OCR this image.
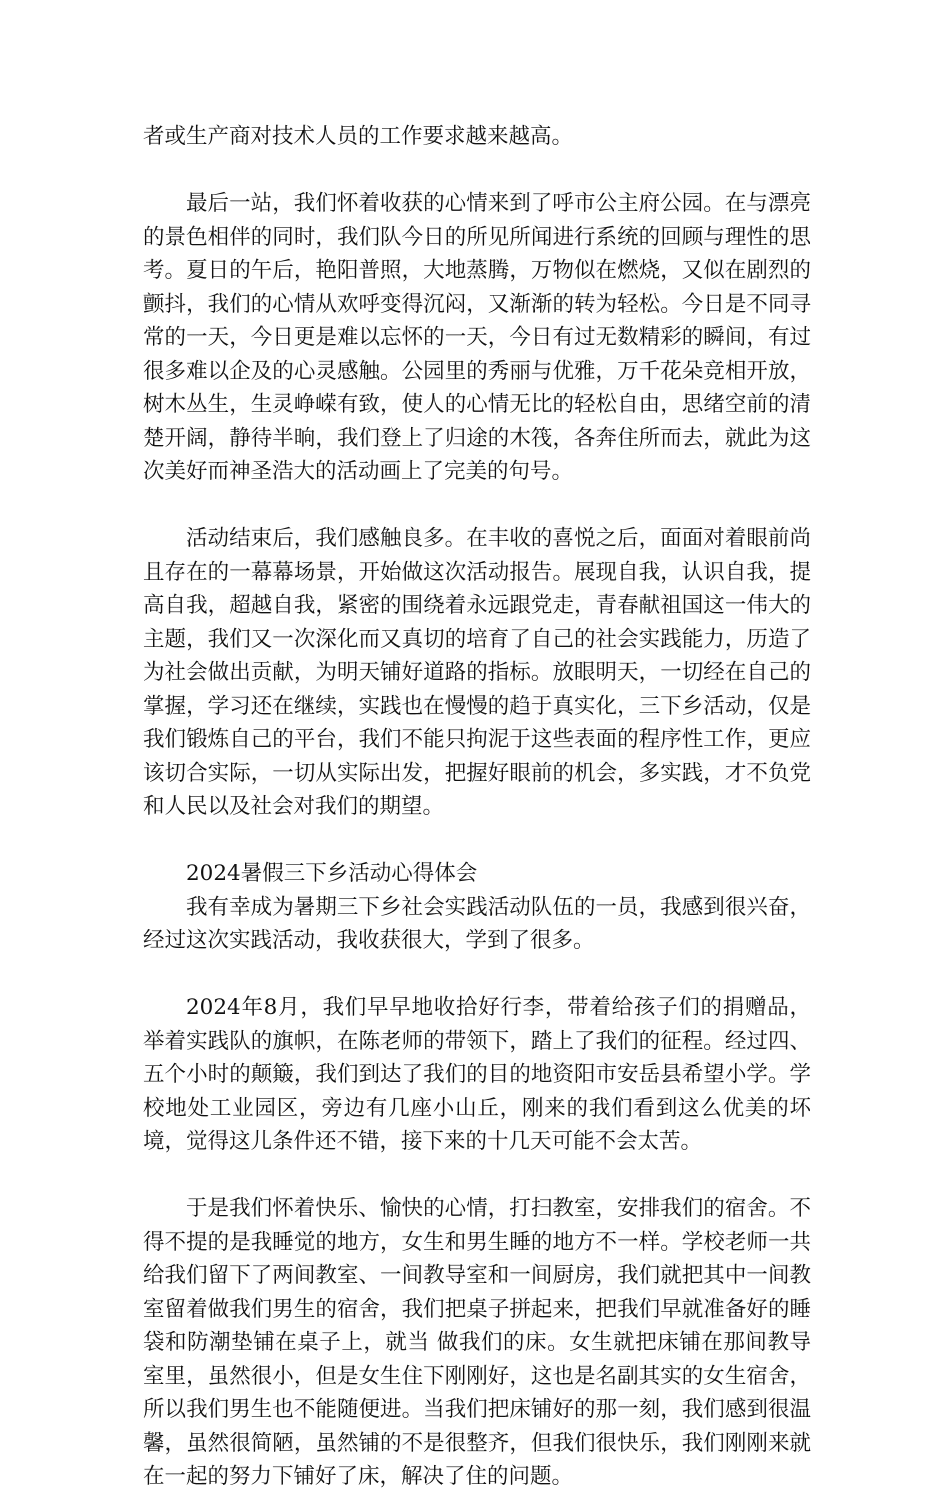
者或生产商对技术人员的工作要求越来越高。

最后一站，我们怀着收获的心情来到了呼市公主府公园。在与漂亮的景色相伴的同时，我们队今日的所见所闻进行系统的回顾与理性的思考。夏日的午后，艳阳普照，大地蒸腾，万物似在燃烧，又似在剧烈的颤抖，我们的心情从欢呼变得沉闷，又渐渐的转为轻松。今日是不同寻常的一天，今日更是难以忘怀的一天，今日有过无数精彩的瞬间，有过很多难以企及的心灵感触。公园里的秀丽与优雅，万千花朵竞相开放，树木丛生，生灵峥嵘有致，使人的心情无比的轻松自由，思绪空前的清楚开阔，静待半晌，我们登上了归途的木筏，各奔住所而去，就此为这次美好而神圣浩大的活动画上了完美的句号。

活动结束后，我们感触良多。在丰收的喜悦之后，面面对着眼前尚且存在的一幕幕场景，开始做这次活动报告。展现自我，认识自我，提高自我，超越自我，紧密的围绕着永远跟党走，青春献祖国这一伟大的主题，我们又一次深化而又真切的培育了自己的社会实践能力，历造了为社会做出贡献，为明天铺好道路的指标。放眼明天，一切经在自己的掌握，学习还在继续，实践也在慢慢的趋于真实化，三下乡活动，仅是我们锻炼自己的平台，我们不能只拘泥于这些表面的程序性工作，更应该切合实际，一切从实际出发，把握好眼前的机会，多实践，才不负党和人民以及社会对我们的期望。

2024暑假三下乡活动心得体会

我有幸成为暑期三下乡社会实践活动队伍的一员，我感到很兴奋，经过这次实践活动，我收获很大，学到了很多。

2024年8月，我们早早地收拾好行李，带着给孩子们的捐赠品，举着实践队的旗帜，在陈老师的带领下，踏上了我们的征程。经过四、五个小时的颠簸，我们到达了我们的目的地资阳市安岳县希望小学。学校地处工业园区，旁边有几座小山丘，刚来的我们看到这么优美的坏境，觉得这儿条件还不错，接下来的十几天可能不会太苦。

于是我们怀着快乐、愉快的心情，打扫教室，安排我们的宿舍。不得不提的是我睡觉的地方，女生和男生睡的地方不一样。学校老师一共给我们留下了两间教室、一间教导室和一间厨房，我们就把其中一间教室留着做我们男生的宿舍，我们把桌子拼起来，把我们早就准备好的睡袋和防潮垫铺在桌子上，就当 做我们的床。女生就把床铺在那间教导室里，虽然很小，但是女生住下刚刚好，这也是名副其实的女生宿舍，所以我们男生也不能随便进。当我们把床铺好的那一刻，我们感到很温馨，虽然很简陋，虽然铺的不是很整齐，但我们很快乐，我们刚刚来就在一起的努力下铺好了床，解决了住的问题。
